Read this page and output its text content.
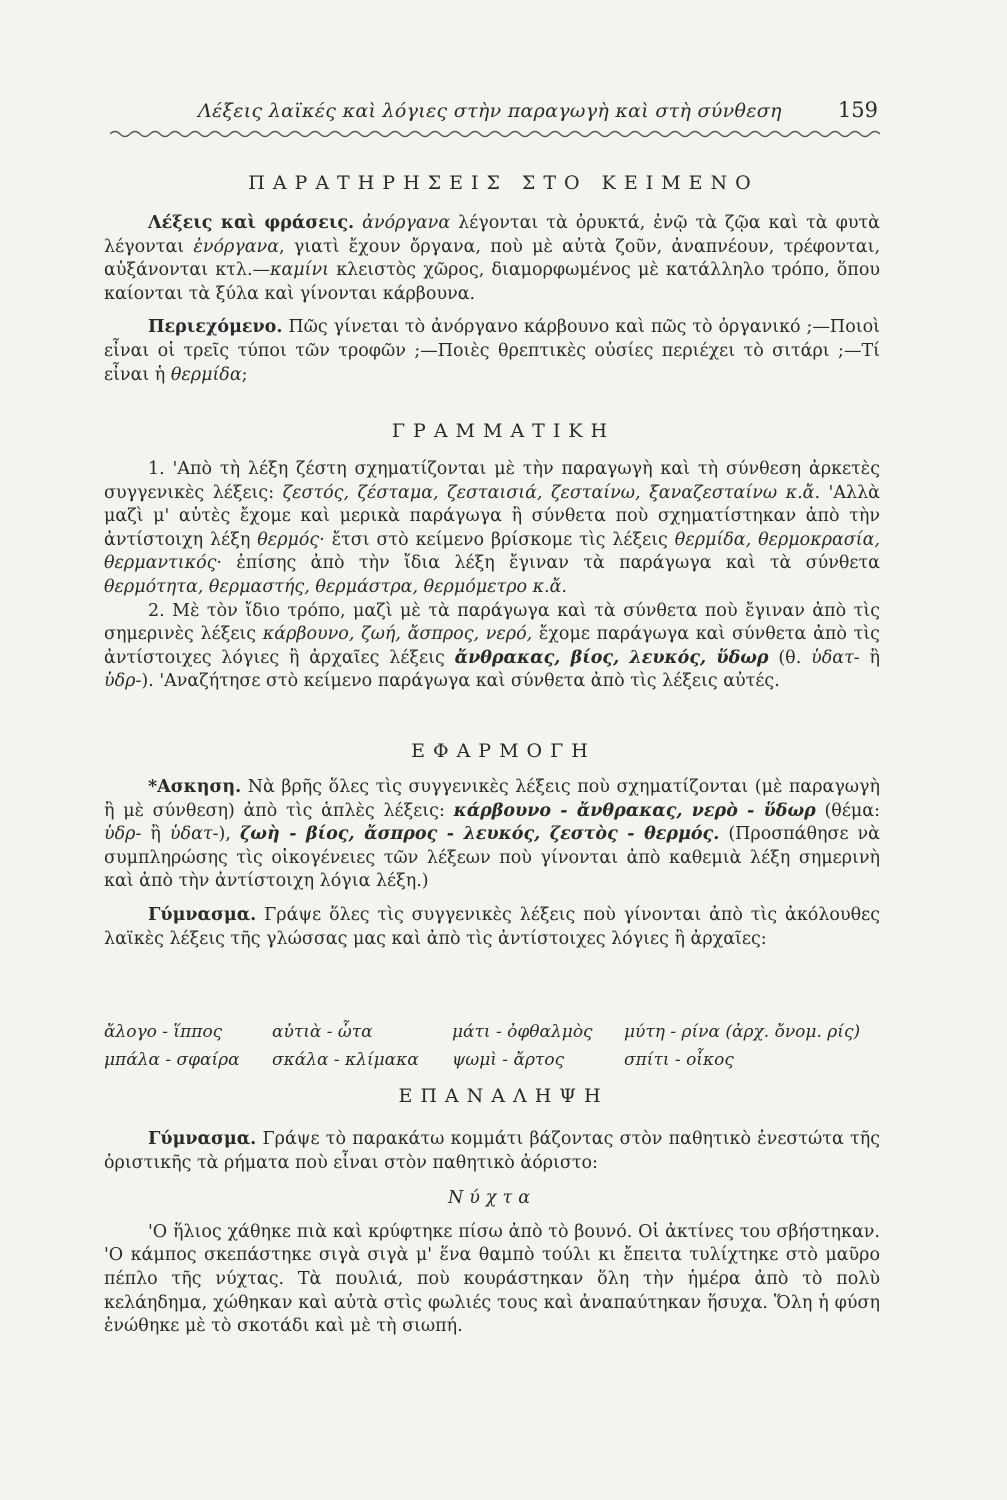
Λέξεις λαϊκές καὶ λόγιες στὴν παραγωγὴ καὶ στὴ σύνθεση	159
ΠΑΡΑΤΗΡΗΣΕΙΣ ΣΤΟ ΚΕΙΜΕΝΟ

Λέξεις καὶ φράσεις. ἀνόργανα λέγονται τὰ ὀρυκτά, ἐνῷ τὰ ζῷα καὶ τὰ φυτὰ λέγονται ἐνόργανα, γιατὶ ἔχουν ὄργανα, ποὺ μὲ αὐτὰ ζοῦν, ἀναπνέουν, τρέφονται, αὐξάνονται κτλ.—καμίνι κλειστὸς χῶρος, διαμορφωμένος μὲ κατάλληλο τρόπο, ὅπου καίονται τὰ ξύλα καὶ γίνονται κάρβουνα.

Περιεχόμενο. Πῶς γίνεται τὸ ἀνόργανο κάρβουνο καὶ πῶς τὸ ὀργανικό ;—Ποιοὶ εἶναι οἱ τρεῖς τύποι τῶν τροφῶν ;—Ποιὲς θρεπτικὲς οὐσίες περιέχει τὸ σιτάρι ;—Τί εἶναι ἡ θερμίδα;

ΓΡΑΜΜΑΤΙΚΗ

1. 'Απὸ τὴ λέξη ζέστη σχηματίζονται μὲ τὴν παραγωγὴ καὶ τὴ σύνθεση ἀρκετὲς συγγενικὲς λέξεις: ζεστός, ζέσταμα, ζεσταισιά, ζεσταίνω, ξαναζεσταίνω κ.ἄ. 'Αλλὰ μαζὶ μ' αὐτὲς ἔχομε καὶ μερικὰ παράγωγα ἢ σύνθετα ποὺ σχηματίστηκαν ἀπὸ τὴν ἀντίστοιχη λέξη θερμός· ἔτσι στὸ κείμενο βρίσκομε τὶς λέξεις θερμίδα, θερμοκρασία, θερμαντικός· ἐπίσης ἀπὸ τὴν ἴδια λέξη ἔγιναν τὰ παράγωγα καὶ τὰ σύνθετα θερμότητα, θερμαστής, θερμάστρα, θερμόμετρο κ.ἄ.

2. Μὲ τὸν ἴδιο τρόπο, μαζὶ μὲ τὰ παράγωγα καὶ τὰ σύνθετα ποὺ ἔγιναν ἀπὸ τὶς σημερινὲς λέξεις κάρβουνο, ζωή, ἄσπρος, νερό, ἔχομε παράγωγα καὶ σύνθετα ἀπὸ τὶς ἀντίστοιχες λόγιες ἢ ἀρχαῖες λέξεις ἄνθρακας, βίος, λευκός, ὕδωρ (θ. ὑδατ- ἢ ὑδρ-). 'Αναζήτησε στὸ κείμενο παράγωγα καὶ σύνθετα ἀπὸ τὶς λέξεις αὐτές.

ΕΦΑΡΜΟΓΗ

*Ασκηση. Νὰ βρῆς ὅλες τὶς συγγενικὲς λέξεις ποὺ σχηματίζονται (μὲ παραγωγὴ ἢ μὲ σύνθεση) ἀπὸ τὶς ἁπλὲς λέξεις: κάρβουνο - ἄνθρακας, νερὸ - ὕδωρ (θέμα: ὑδρ- ἢ ὑδατ-), ζωὴ - βίος, ἄσπρος - λευκός, ζεστὸς - θερμός. (Προσπάθησε νὰ συμπληρώσης τὶς οἰκογένειες τῶν λέξεων ποὺ γίνονται ἀπὸ καθεμιὰ λέξη σημερινὴ καὶ ἀπὸ τὴν ἀντίστοιχη λόγια λέξη.)

Γύμνασμα. Γράψε ὅλες τὶς συγγενικὲς λέξεις ποὺ γίνονται ἀπὸ τὶς ἀκόλουθες λαϊκὲς λέξεις τῆς γλώσσας μας καὶ ἀπὸ τὶς ἀντίστοιχες λόγιες ἢ ἀρχαῖες:

ἄλογο - ἵππος	αὐτιὰ - ὦτα	μάτι - ὀφθαλμὸς μύτη - ρίνα (ἀρχ. ὄνομ. ρίς)
μπάλα - σφαίρα σκάλα - κλίμακα ψωμὶ - ἄρτος	σπίτι - οἶκος
ΕΠΑΝΑΛΗΨΗ

Γύμνασμα. Γράψε τὸ παρακάτω κομμάτι βάζοντας στὸν παθητικὸ ἐνεστώτα τῆς ὁριστικῆς τὰ ρήματα ποὺ εἶναι στὸν παθητικὸ ἀόριστο:

Νύχτα

'Ο ἥλιος χάθηκε πιὰ καὶ κρύφτηκε πίσω ἀπὸ τὸ βουνό. Οἱ ἀκτίνες του σβήστηκαν. 'Ο κάμπος σκεπάστηκε σιγὰ σιγὰ μ' ἕνα θαμπὸ τούλι κι ἔπειτα τυλίχτηκε στὸ μαῦρο πέπλο τῆς νύχτας. Τὰ πουλιά, ποὺ κουράστηκαν ὅλη τὴν ἡμέρα ἀπὸ τὸ πολὺ κελάηδημα, χώθηκαν καὶ αὐτὰ στὶς φωλιές τους καὶ ἀναπαύτηκαν ἥσυχα. Ὅλη ἡ φύση ἑνώθηκε μὲ τὸ σκοτάδι καὶ μὲ τὴ σιωπή.
